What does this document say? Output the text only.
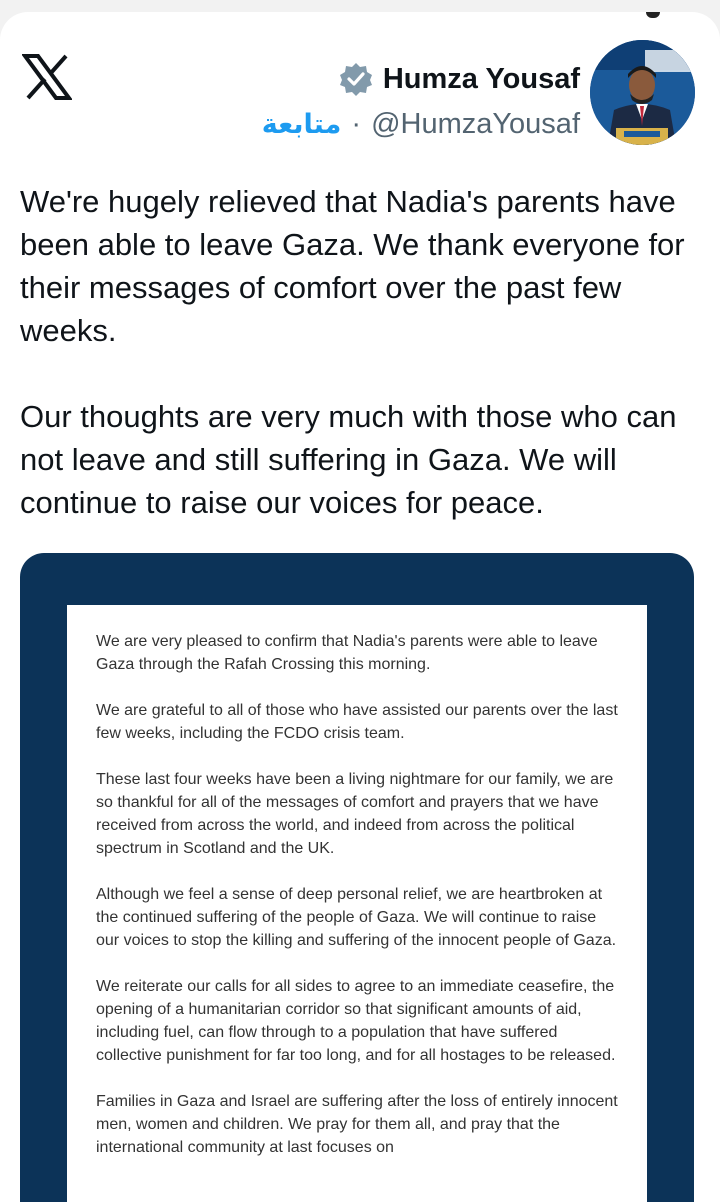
Humza Yousaf
متابعة · @HumzaYousaf

We're hugely relieved that Nadia's parents have been able to leave Gaza. We thank everyone for their messages of comfort over the past few weeks.

Our thoughts are very much with those who can not leave and still suffering in Gaza. We will continue to raise our voices for peace.

We are very pleased to confirm that Nadia's parents were able to leave Gaza through the Rafah Crossing this morning.

We are grateful to all of those who have assisted our parents over the last few weeks, including the FCDO crisis team.

These last four weeks have been a living nightmare for our family, we are so thankful for all of the messages of comfort and prayers that we have received from across the world, and indeed from across the political spectrum in Scotland and the UK.

Although we feel a sense of deep personal relief, we are heartbroken at the continued suffering of the people of Gaza. We will continue to raise our voices to stop the killing and suffering of the innocent people of Gaza.

We reiterate our calls for all sides to agree to an immediate ceasefire, the opening of a humanitarian corridor so that significant amounts of aid, including fuel, can flow through to a population that have suffered collective punishment for far too long, and for all hostages to be released.

Families in Gaza and Israel are suffering after the loss of entirely innocent men, women and children. We pray for them all, and pray that the international community at last focuses on
